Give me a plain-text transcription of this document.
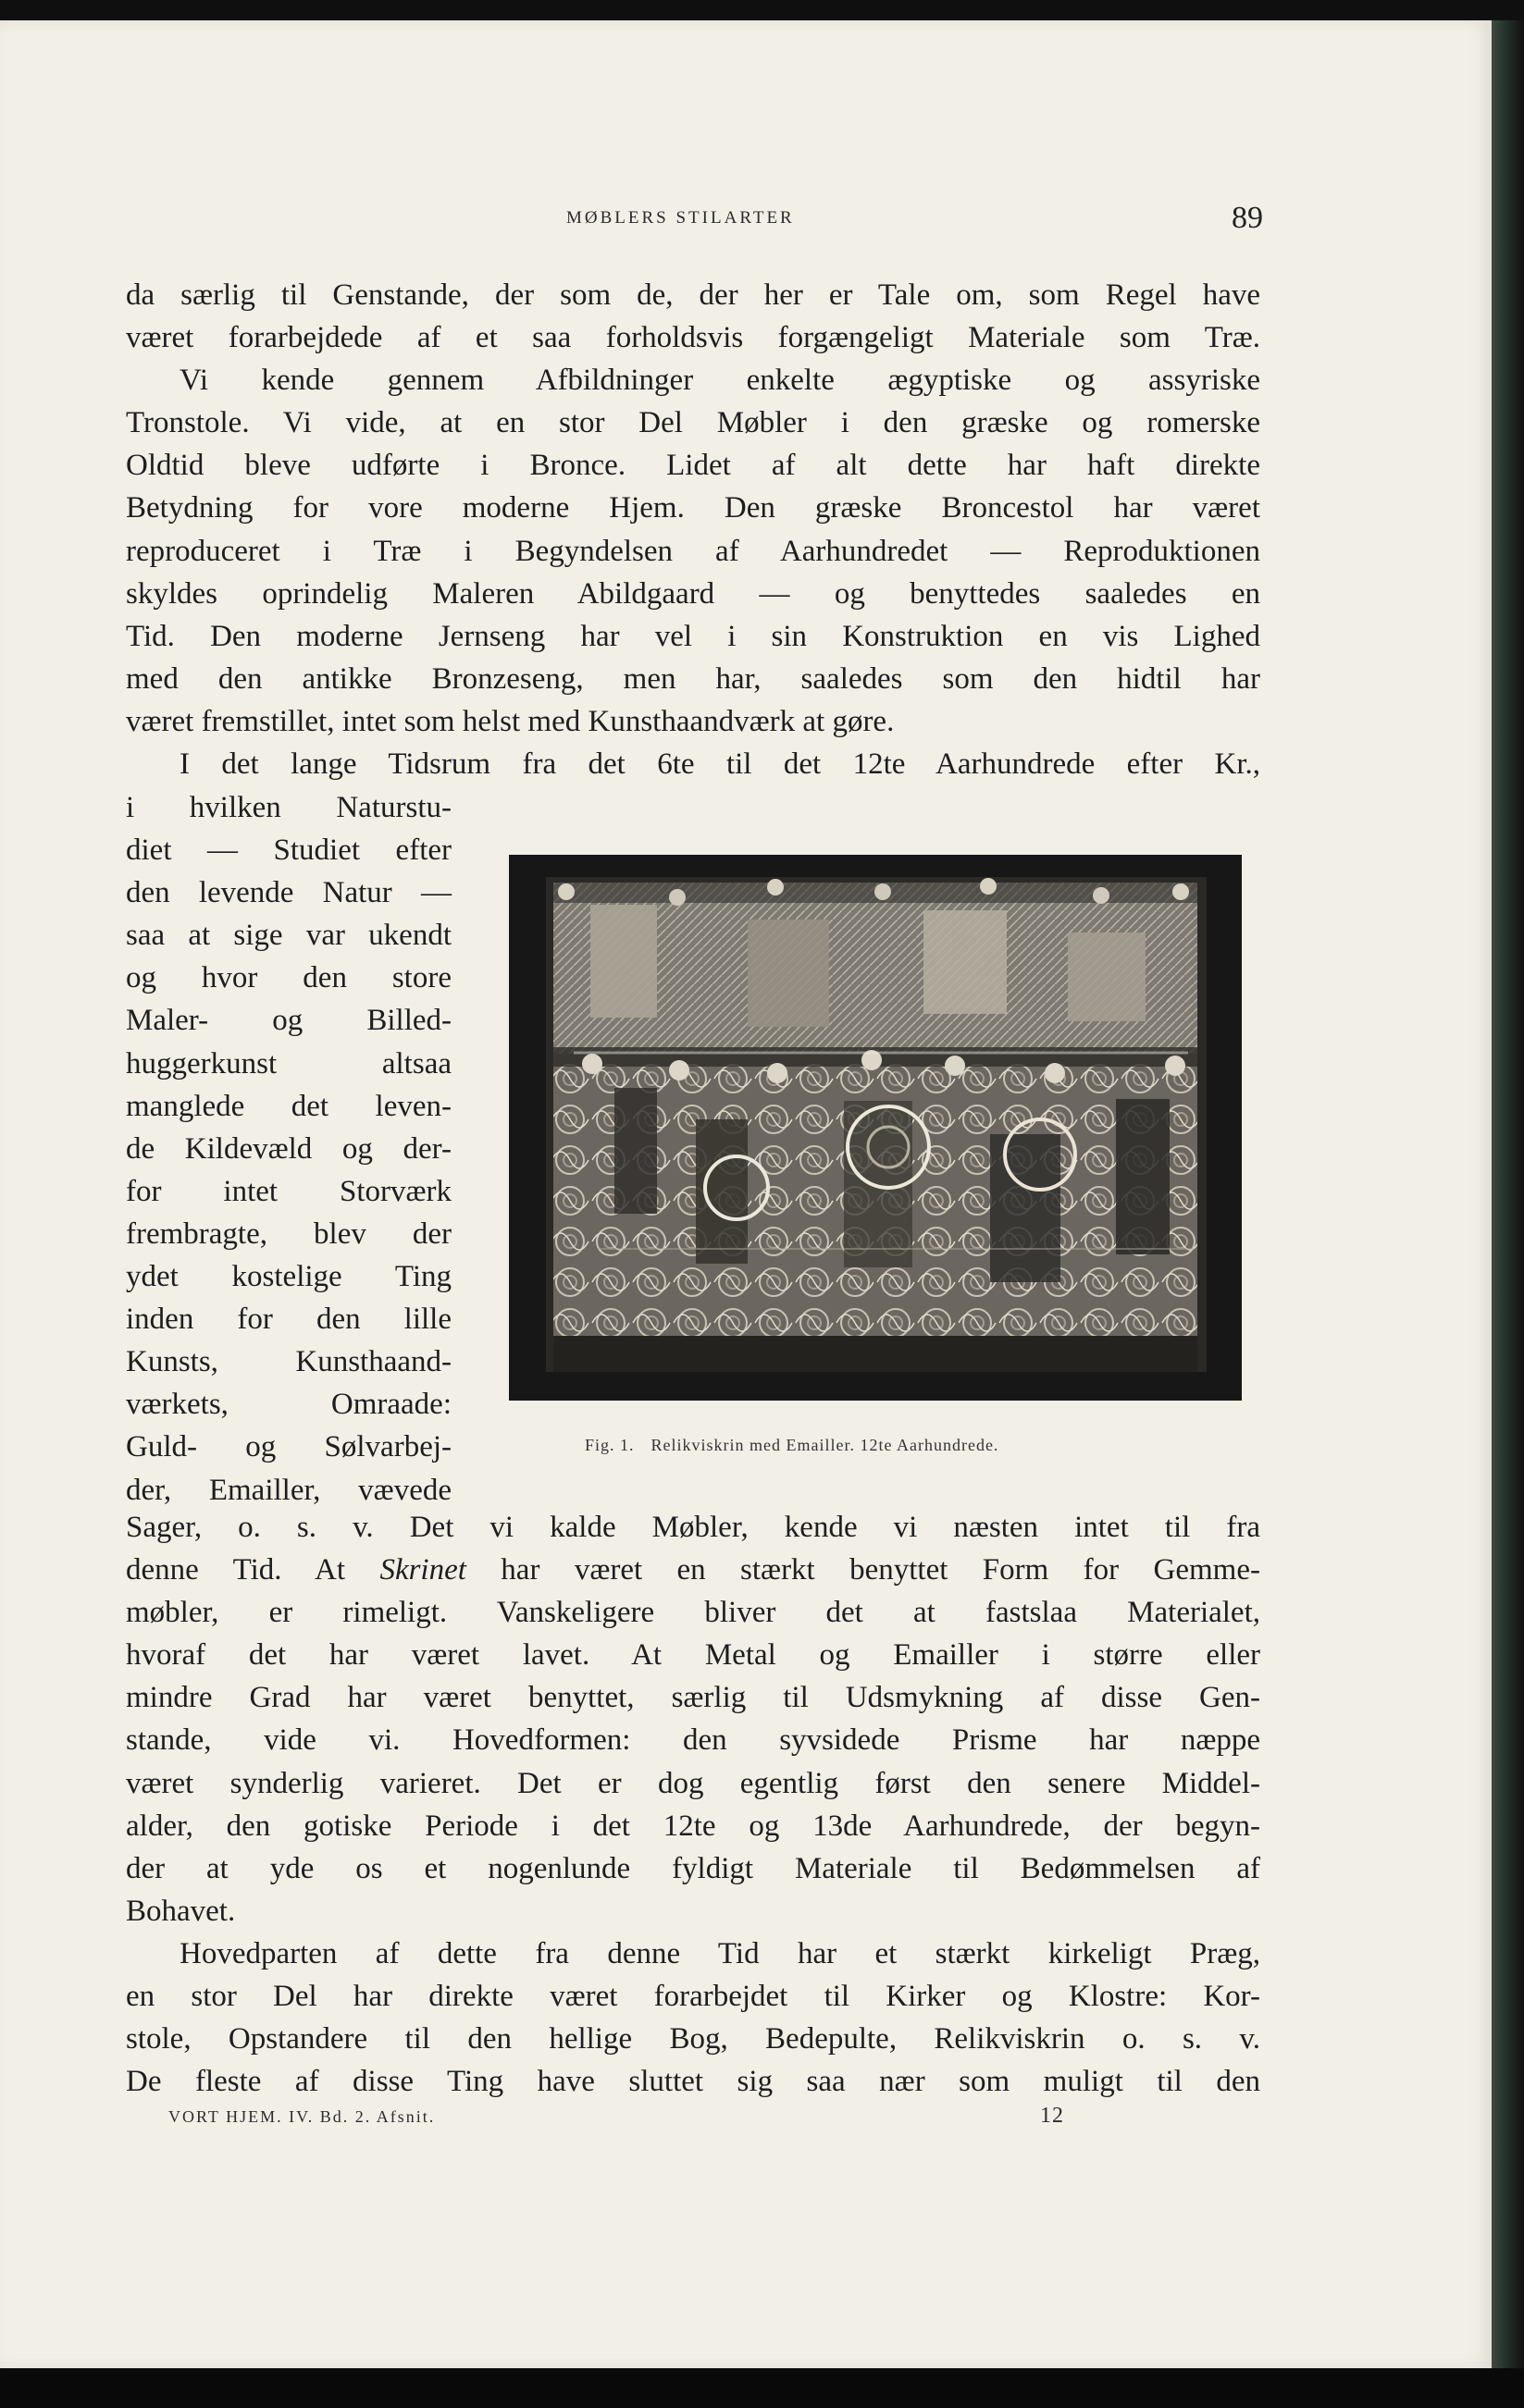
MØBLERS STILARTER	89
da særlig til Genstande, der som de, der her er Tale om, som Regel have
været forarbejdede af et saa forholdsvis forgængeligt Materiale som Træ.
Vi kende gennem Afbildninger enkelte ægyptiske og assyriske
Tronstole. Vi vide, at en stor Del Møbler i den græske og romerske
Oldtid bleve udførte i Bronce. Lidet af alt dette har haft direkte
Betydning for vore moderne Hjem. Den græske Broncestol har været
reproduceret i Træ i Begyndelsen af Aarhundredet — Reproduktionen
skyldes oprindelig Maleren Abildgaard — og benyttedes saaledes en
Tid. Den moderne Jernseng har vel i sin Konstruktion en vis Lighed
med den antikke Bronzeseng, men har, saaledes som den hidtil har
været fremstillet, intet som helst med Kunsthaandværk at gøre.
I det lange Tidsrum fra det 6te til det 12te Aarhundrede efter Kr.,
i hvilken Naturstu-
diet — Studiet efter
den levende Natur —
saa at sige var ukendt
og hvor den store
Maler- og Billed-
huggerkunst altsaa
manglede det leven-
de Kildevæld og der-
for intet Storværk
frembragte, blev der
ydet kostelige Ting
inden for den lille
Kunsts, Kunsthaand-
værkets, Omraade:
Guld- og Sølvarbej-
der, Emailler, vævede
Fig. 1. Relikviskrin med Emailler. 12te Aarhundrede.
Sager, o. s. v. Det vi kalde Møbler, kende vi næsten intet til fra
denne Tid. At Skrinet har været en stærkt benyttet Form for Gemme-
møbler, er rimeligt. Vanskeligere bliver det at fastslaa Materialet,
hvoraf det har været lavet. At Metal og Emailler i større eller
mindre Grad har været benyttet, særlig til Udsmykning af disse Gen-
stande, vide vi. Hovedformen: den syvsidede Prisme har næppe
været synderlig varieret. Det er dog egentlig først den senere Middel-
alder, den gotiske Periode i det 12te og 13de Aarhundrede, der begyn-
der at yde os et nogenlunde fyldigt Materiale til Bedømmelsen af
Bohavet.
Hovedparten af dette fra denne Tid har et stærkt kirkeligt Præg,
en stor Del har direkte været forarbejdet til Kirker og Klostre: Kor-
stole, Opstandere til den hellige Bog, Bedepulte, Relikviskrin o. s. v.
De fleste af disse Ting have sluttet sig saa nær som muligt til den
VORT HJEM. IV. Bd. 2. Afsnit.	12
